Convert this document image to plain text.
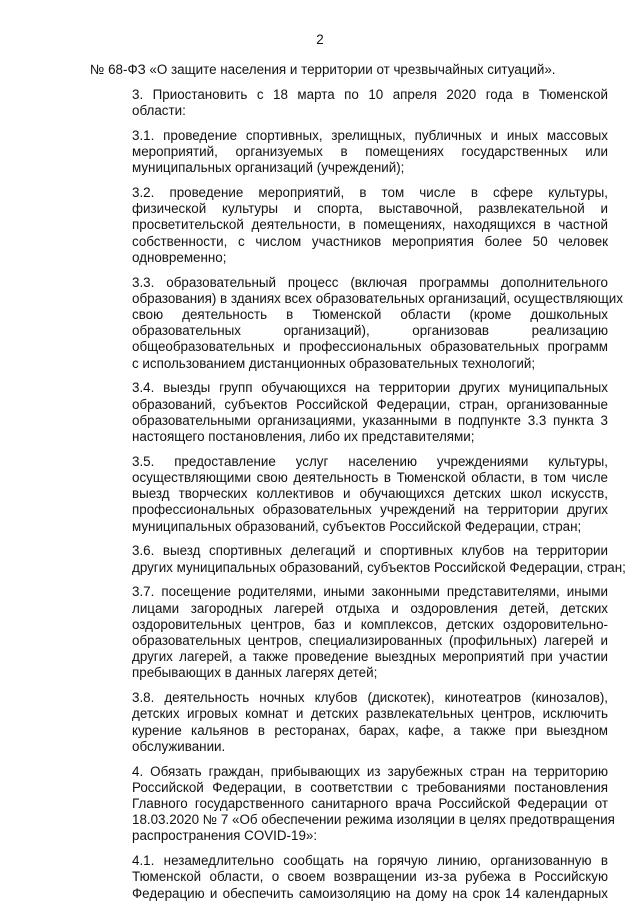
2

№ 68-ФЗ «О защите населения и территории от чрезвычайных ситуаций».

3. Приостановить с 18 марта по 10 апреля 2020 года в Тюменской
области:

3.1. проведение спортивных, зрелищных, публичных и иных массовых
мероприятий, организуемых в помещениях государственных или
муниципальных организаций (учреждений);

3.2. проведение мероприятий, в том числе в сфере культуры,
физической культуры и спорта, выставочной, развлекательной и
просветительской деятельности, в помещениях, находящихся в частной
собственности, с числом участников мероприятия более 50 человек
одновременно;

3.3. образовательный процесс (включая программы дополнительного
образования) в зданиях всех образовательных организаций, осуществляющих
свою деятельность в Тюменской области (кроме дошкольных
образовательных организаций), организовав реализацию
общеобразовательных и профессиональных образовательных программ
с использованием дистанционных образовательных технологий;

3.4. выезды групп обучающихся на территории других муниципальных
образований, субъектов Российской Федерации, стран, организованные
образовательными организациями, указанными в подпункте 3.3 пункта 3
настоящего постановления, либо их представителями;

3.5. предоставление услуг населению учреждениями культуры,
осуществляющими свою деятельность в Тюменской области, в том числе
выезд творческих коллективов и обучающихся детских школ искусств,
профессиональных образовательных учреждений на территории других
муниципальных образований, субъектов Российской Федерации, стран;

3.6. выезд спортивных делегаций и спортивных клубов на территории
других муниципальных образований, субъектов Российской Федерации, стран;

3.7. посещение родителями, иными законными представителями, иными
лицами загородных лагерей отдыха и оздоровления детей, детских
оздоровительных центров, баз и комплексов, детских оздоровительно-
образовательных центров, специализированных (профильных) лагерей и
других лагерей, а также проведение выездных мероприятий при участии
пребывающих в данных лагерях детей;

3.8. деятельность ночных клубов (дискотек), кинотеатров (кинозалов),
детских игровых комнат и детских развлекательных центров, исключить
курение кальянов в ресторанах, барах, кафе, а также при выездном
обслуживании.

4. Обязать граждан, прибывающих из зарубежных стран на территорию
Российской Федерации, в соответствии с требованиями постановления
Главного государственного санитарного врача Российской Федерации от
18.03.2020 № 7 «Об обеспечении режима изоляции в целях предотвращения
распространения COVID-19»:

4.1. незамедлительно сообщать на горячую линию, организованную в
Тюменской области, о своем возвращении из-за рубежа в Российскую
Федерацию и обеспечить самоизоляцию на дому на срок 14 календарных
